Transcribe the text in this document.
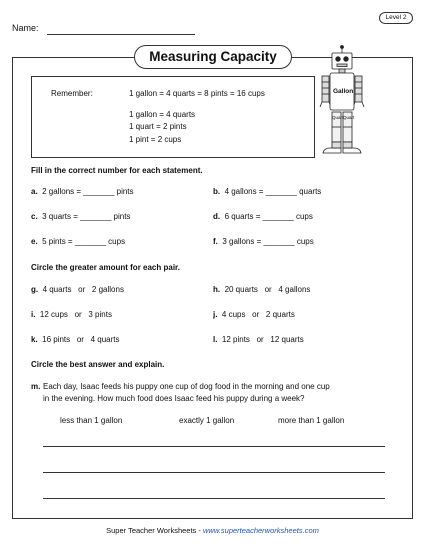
Name:
Level 2
Measuring Capacity
Remember:	1 gallon = 4 quarts = 8 pints = 16 cups
1 gallon = 4 quarts
1 quart = 2 pints
1 pint = 2 cups
Gallon
Quart Quart
Fill in the correct number for each statement.
a. 2 gallons = _______ pints	b. 4 gallons = _______ quarts
c. 3 quarts = _______ pints	d. 6 quarts = _______ cups
e. 5 pints = _______ cups	f. 3 gallons = _______ cups
Circle the greater amount for each pair.
g. 4 quarts   or   2 gallons	h. 20 quarts   or   4 gallons
i. 12 cups   or   3 pints	j. 4 cups   or   2 quarts
k. 16 pints   or   4 quarts	l. 12 pints   or   12 quarts
Circle the best answer and explain.
m. Each day, Isaac feeds his puppy one cup of dog food in the morning and one cup
in the evening. How much food does Isaac feed his puppy during a week?
less than 1 gallon	exactly 1 gallon	more than 1 gallon
Super Teacher Worksheets - www.superteacherworksheets.com
